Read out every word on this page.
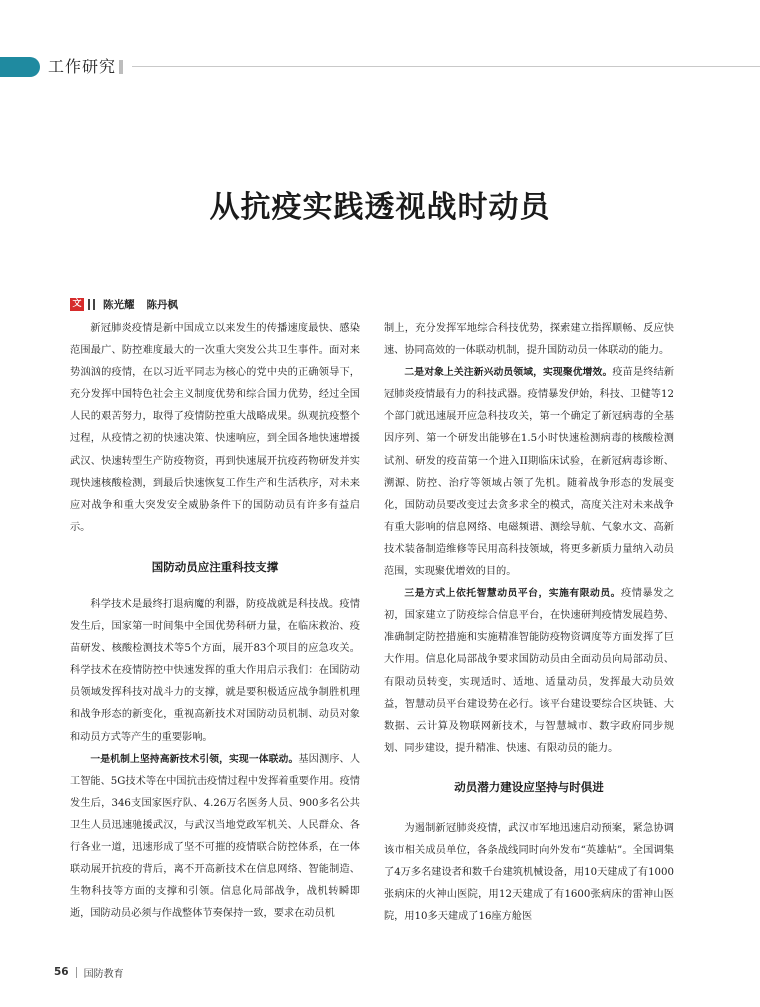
工作研究
从抗疫实践透视战时动员
文 陈光耀 陈丹枫

新冠肺炎疫情是新中国成立以来发生的传播速度最快、感染范围最广、防控难度最大的一次重大突发公共卫生事件。面对来势汹汹的疫情，在以习近平同志为核心的党中央的正确领导下，充分发挥中国特色社会主义制度优势和综合国力优势，经过全国人民的艰苦努力，取得了疫情防控重大战略成果。纵观抗疫整个过程，从疫情之初的快速决策、快速响应，到全国各地快速增援武汉、快速转型生产防疫物资，再到快速展开抗疫药物研发并实现快速核酸检测，到最后快速恢复工作生产和生活秩序，对未来应对战争和重大突发安全威胁条件下的国防动员有许多有益启示。

国防动员应注重科技支撑

科学技术是最终打退病魔的利器，防疫战就是科技战。疫情发生后，国家第一时间集中全国优势科研力量，在临床救治、疫苗研发、核酸检测技术等5个方面，展开83个项目的应急攻关。科学技术在疫情防控中快速发挥的重大作用启示我们：在国防动员领域发挥科技对战斗力的支撑，就是要积极适应战争制胜机理和战争形态的新变化，重视高新技术对国防动员机制、动员对象和动员方式等产生的重要影响。

一是机制上坚持高新技术引领，实现一体联动。基因测序、人工智能、5G技术等在中国抗击疫情过程中发挥着重要作用。疫情发生后，346支国家医疗队、4.26万名医务人员、900多名公共卫生人员迅速驰援武汉，与武汉当地党政军机关、人民群众、各行各业一道，迅速形成了坚不可摧的疫情联合防控体系，在一体联动展开抗疫的背后，离不开高新技术在信息网络、智能制造、生物科技等方面的支撑和引领。信息化局部战争，战机转瞬即逝，国防动员必须与作战整体节奏保持一致，要求在动员机

制上，充分发挥军地综合科技优势，探索建立指挥顺畅、反应快速、协同高效的一体联动机制，提升国防动员一体联动的能力。

二是对象上关注新兴动员领域，实现聚优增效。疫苗是终结新冠肺炎疫情最有力的科技武器。疫情暴发伊始，科技、卫健等12个部门就迅速展开应急科技攻关，第一个确定了新冠病毒的全基因序列、第一个研发出能够在1.5小时快速检测病毒的核酸检测试剂、研发的疫苗第一个进入II期临床试验，在新冠病毒诊断、溯源、防控、治疗等领域占领了先机。随着战争形态的发展变化，国防动员要改变过去贪多求全的模式，高度关注对未来战争有重大影响的信息网络、电磁频谱、测绘导航、气象水文、高新技术装备制造维修等民用高科技领域，将更多新质力量纳入动员范围，实现聚优增效的目的。

三是方式上依托智慧动员平台，实施有限动员。疫情暴发之初，国家建立了防疫综合信息平台，在快速研判疫情发展趋势、准确制定防控措施和实施精准智能防疫物资调度等方面发挥了巨大作用。信息化局部战争要求国防动员由全面动员向局部动员、有限动员转变，实现适时、适地、适量动员，发挥最大动员效益，智慧动员平台建设势在必行。该平台建设要综合区块链、大数据、云计算及物联网新技术，与智慧城市、数字政府同步规划、同步建设，提升精准、快速、有限动员的能力。

动员潜力建设应坚持与时俱进

为遏制新冠肺炎疫情，武汉市军地迅速启动预案，紧急协调该市相关成员单位，各条战线同时向外发布“英雄帖”。全国调集了4万多名建设者和数千台建筑机械设备，用10天建成了有1000张病床的火神山医院，用12天建成了有1600张病床的雷神山医院，用10多天建成了16座方舱医

56 国防教育
